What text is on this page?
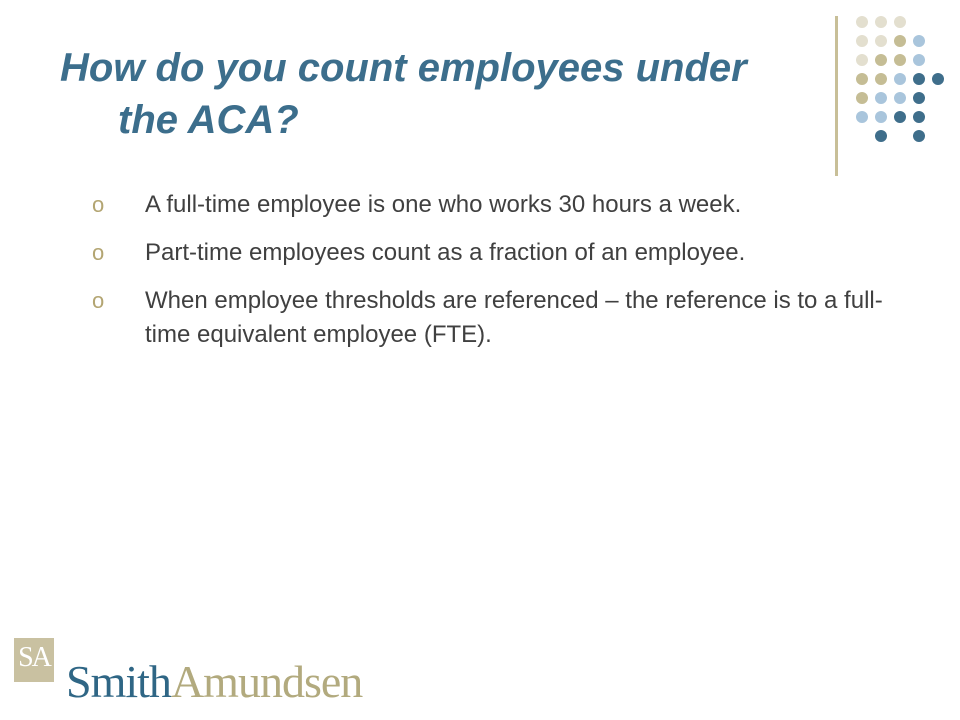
How do you count employees under
the ACA?
o A full-time employee is one who works 30 hours a week.
o Part-time employees count as a fraction of an employee.
o When employee thresholds are referenced – the reference is to a full-time equivalent employee (FTE).
SA SmithAmundsen
